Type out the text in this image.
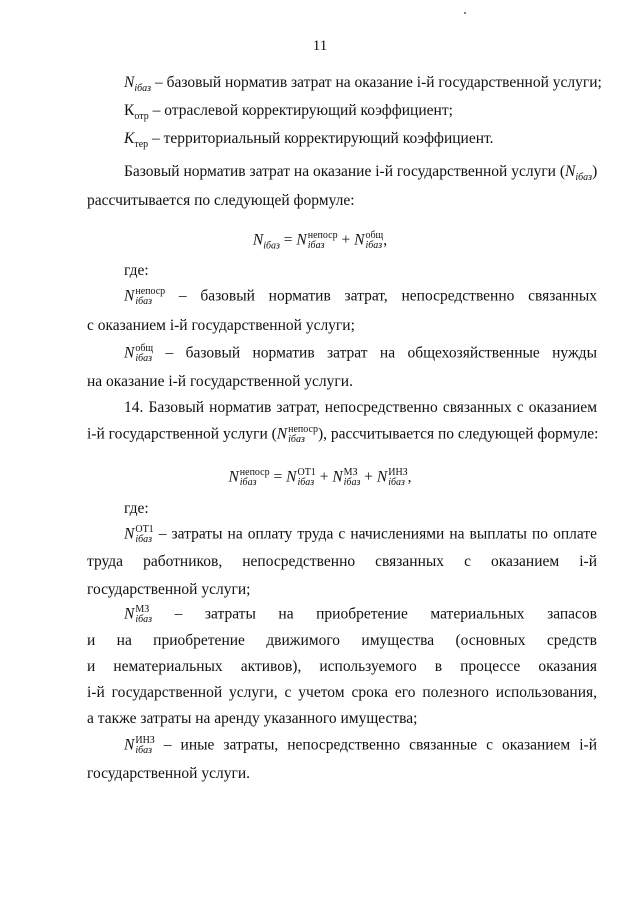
11
$N_{iбаз}$ – базовый норматив затрат на оказание i-й государственной услуги;
$К_{отр}$ – отраслевой корректирующий коэффициент;
$K_{тер}$ – территориальный корректирующий коэффициент.
Базовый норматив затрат на оказание i-й государственной услуги $(N_{iбаз})$
рассчитывается по следующей формуле:
$N_{iбаз} = N$ непоср
iбаз	+ N общ
iбаз ,
где:
N непоср
iбаз – базовый норматив затрат, непосредственно связанных
с оказанием i-й государственной услуги;
N общ
iбаз – базовый норматив затрат на общехозяйственные нужды
на оказание i-й государственной услуги.
14. Базовый норматив затрат, непосредственно связанных с оказанием
i-й государственной услуги (N непоср
iбаз ), рассчитывается по следующей формуле:
N непоср
iбаз	= N ОТ1
iбаз + N МЗ
iбаз + N ИНЗ
iбаз ,
где:
N ОТ1
iбаз – затраты на оплату труда с начислениями на выплаты по оплате
труда работников, непосредственно связанных с оказанием i-й
государственной услуги;
N МЗ
iбаз – затраты на приобретение материальных запасов
и на приобретение движимого имущества (основных средств
и нематериальных активов), используемого в процессе оказания
i-й государственной услуги, с учетом срока его полезного использования,
а также затраты на аренду указанного имущества;
N ИНЗ
iбаз – иные затраты, непосредственно связанные с оказанием i-й
государственной услуги.
